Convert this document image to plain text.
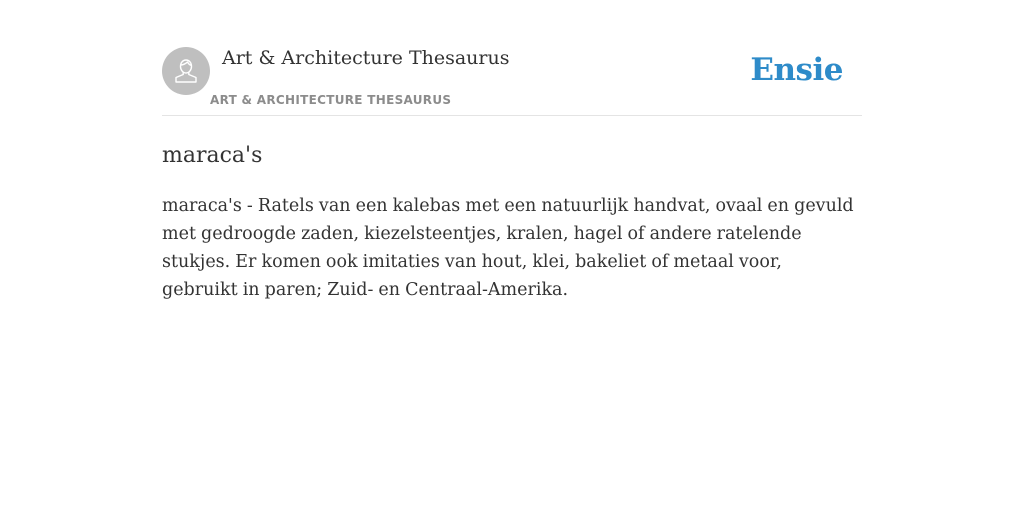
Art & Architecture Thesaurus
ART & ARCHITECTURE THESAURUS
Ensie
maraca's

maraca's - Ratels van een kalebas met een natuurlijk handvat, ovaal en gevuld met gedroogde zaden, kiezelsteentjes, kralen, hagel of andere ratelende stukjes. Er komen ook imitaties van hout, klei, bakeliet of metaal voor, gebruikt in paren; Zuid- en Centraal-Amerika.
